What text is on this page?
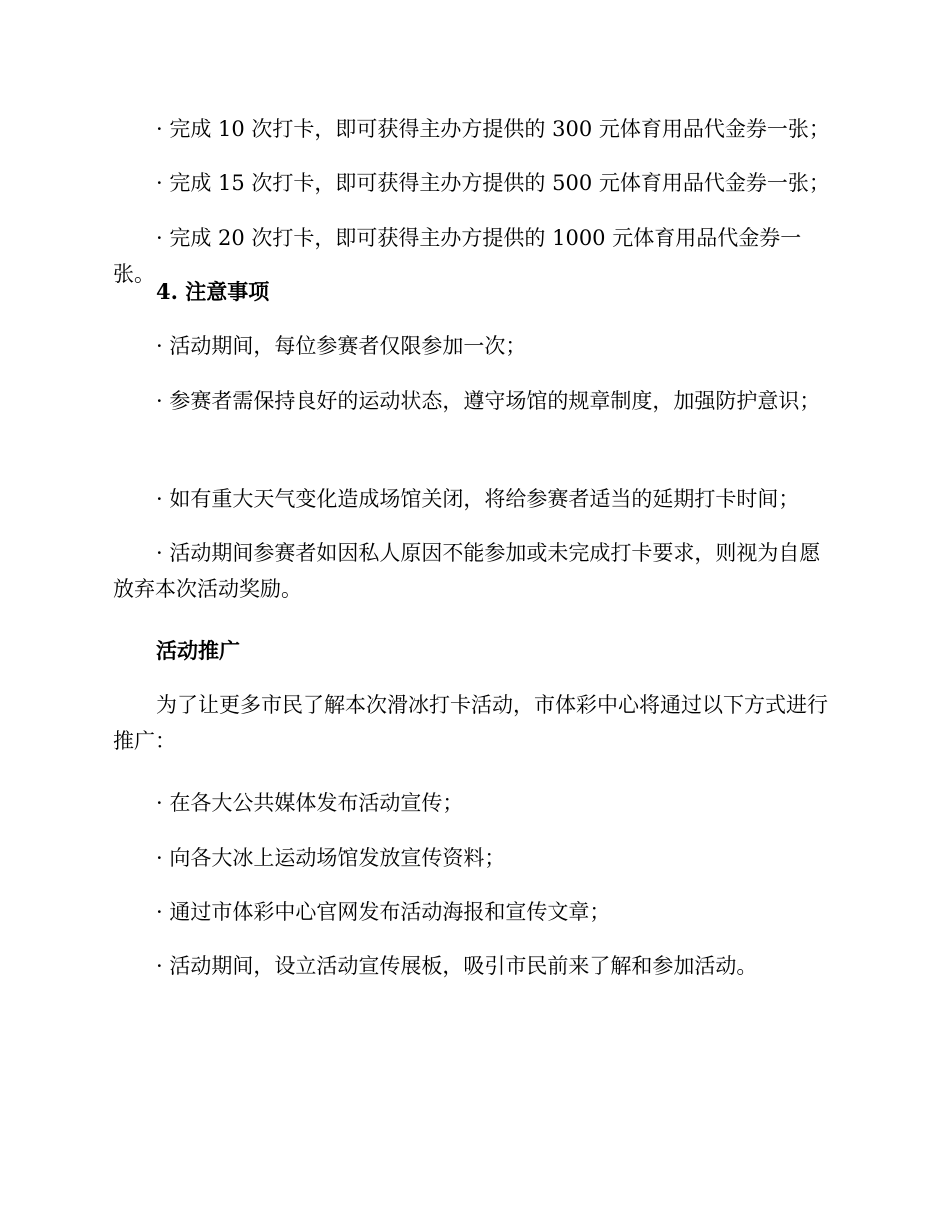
· 完成 10 次打卡，即可获得主办方提供的 300 元体育用品代金券一张；

· 完成 15 次打卡，即可获得主办方提供的 500 元体育用品代金券一张；

· 完成 20 次打卡，即可获得主办方提供的 1000 元体育用品代金券一张。

4. 注意事项

· 活动期间，每位参赛者仅限参加一次；

· 参赛者需保持良好的运动状态，遵守场馆的规章制度，加强防护意识；

· 如有重大天气变化造成场馆关闭，将给参赛者适当的延期打卡时间；

· 活动期间参赛者如因私人原因不能参加或未完成打卡要求，则视为自愿放弃本次活动奖励。

活动推广

为了让更多市民了解本次滑冰打卡活动，市体彩中心将通过以下方式进行推广：

· 在各大公共媒体发布活动宣传；

· 向各大冰上运动场馆发放宣传资料；

· 通过市体彩中心官网发布活动海报和宣传文章；

· 活动期间，设立活动宣传展板，吸引市民前来了解和参加活动。
